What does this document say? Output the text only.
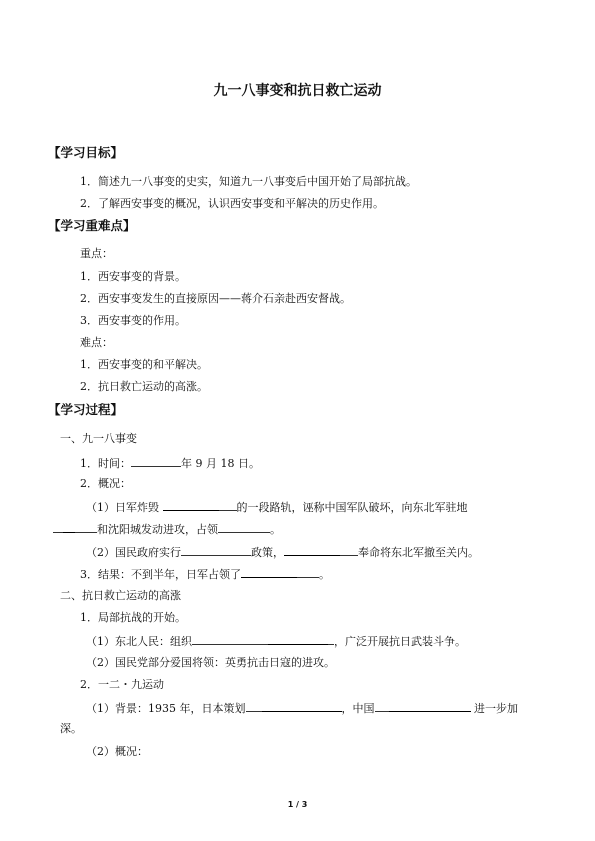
九一八事变和抗日救亡运动
【学习目标】
1．简述九一八事变的史实，知道九一八事变后中国开始了局部抗战。
2．了解西安事变的概况，认识西安事变和平解决的历史作用。
【学习重难点】
重点：
1．西安事变的背景。
2．西安事变发生的直接原因——蒋介石亲赴西安督战。
3．西安事变的作用。
难点：
1．西安事变的和平解决。
2．抗日救亡运动的高涨。
【学习过程】
一、九一八事变
1．时间：	年 9 月 18 日。
2．概况：
（1）日军炸毁	的一段路轨，诬称中国军队破坏，向东北军驻地
和沈阳城发动进攻，占领	。
（2）国民政府实行	政策，	奉命将东北军撤至关内。
3．结果：不到半年，日军占领了	。
二、抗日救亡运动的高涨
1．局部抗战的开始。
（1）东北人民：组织	，广泛开展抗日武装斗争。
（2）国民党部分爱国将领：英勇抗击日寇的进攻。
2．一二・九运动
（1）背景：1935 年，日本策划	，中国	进一步加
深。
（2）概况：
1 / 3
